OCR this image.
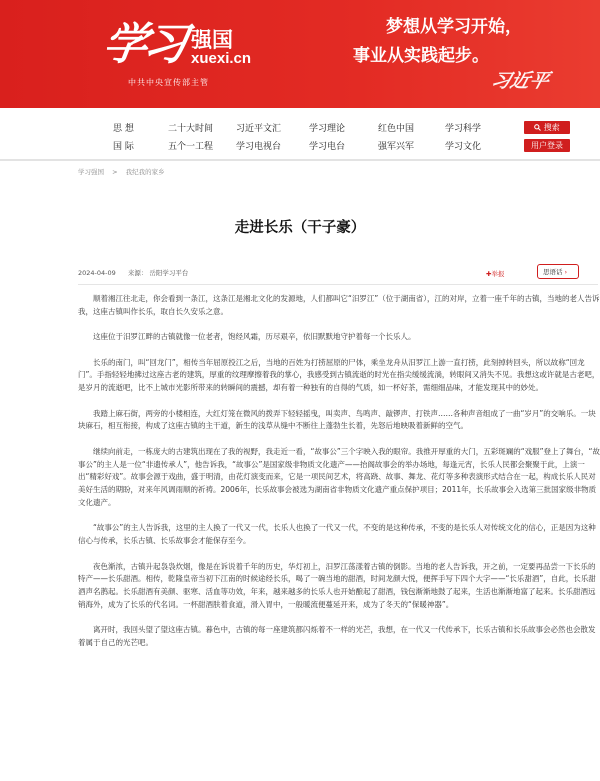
学习 强国
xuexi.cn
中共中央宣传部主管
梦想从学习开始，
事业从实践起步。
习近平
思 想	二十大时间	习近平文汇	学习理论	红色中国	学习科学
国 际	五个一工程	学习电视台	学习电台	强军兴军	学习文化
搜索
用户登录
学习强国 > 我纪我的家乡
走进长乐（干子豪）
2024-04-09 来源： 岳阳学习平台	✚举报	思语话 ›

顺着湘江往北走，你会看到一条江，这条江是湘北文化的发源地，人们都叫它“汨罗江”（位于湖南省），江的对岸，立着一座千年的古镇，当地的老人告诉我，这座古镇叫作长乐，取自长久安乐之意。

这座位于汨罗江畔的古镇就像一位老者，饱经风霜，历尽艰辛，依旧默默地守护着每一个长乐人。

长乐的南门，叫“回龙门”，相传当年屈原投江之后，当地的百姓为打捞屈原的尸体，乘坐龙舟从汨罗江上游一直打捞，此刻掉转回头，所以故称“回龙门”。手指轻轻地拂过这座古老的建筑，厚重的纹理摩擦着我的掌心，我感受到古镇流逝的时光在指尖缓缓流淌，转眼间又消失不见。我想这或许就是古老吧，是岁月的流逝吧，比不上城市光影所带来的转瞬间的震撼，却有着一种独有的自得的气质，如一杯好茶，需细细品味，才能发现其中的妙处。

我踏上麻石街，两旁的小楼相连，大红灯笼在微风的拨弄下轻轻摇曳，叫卖声、鸟鸣声、敲锣声、打铁声……各种声音组成了一曲“岁月”的交响乐。一块块麻石，相互衔接，构成了这座古镇的主干道，新生的浅草从缝中不断往上蓬勃生长着，先怒后地映吸着新鲜的空气。

继续向前走，一栋庞大的古建筑出现在了我的视野，我走近一看，“故事公”三个字映入我的眼帘。我推开厚重的大门，五彩斑斓的“戏服”登上了舞台，“故事公”的主人是一位“非遗传承人”，他告诉我，“故事公”是国家级非物质文化遗产——抬阁故事会的举办场地，每逢元宵，长乐人民都会聚聚于此，上演一出“精彩好戏”。故事会源于戏曲，盛于明清，由花灯演变而来，它是一项民间艺术，将高跷、故事、舞龙、花灯等多种表演形式结合在一起，构成长乐人民对美好生活的期盼，对来年风调雨顺的祈祷。2006年，长乐故事会被选为湖南省非物质文化遗产重点保护项目；2011年，长乐故事会入选第三批国家级非物质文化遗产。

“故事公”的主人告诉我，这里的主人换了一代又一代，长乐人也换了一代又一代，不变的是这种传承，不变的是长乐人对传统文化的信心，正是因为这种信心与传承，长乐古镇、长乐故事会才能保存至今。

夜色渐浓，古镇升起袅袅炊烟，像是在诉说着千年的历史，华灯初上，汨罗江荡漾着古镇的倒影。当地的老人告诉我，开之前，一定要再品尝一下长乐的特产——长乐甜酒。相传，乾隆皇帝当初下江南的时候途经长乐，喝了一碗当地的甜酒，时间龙颜大悦，便挥手写下四个大字——“长乐甜酒”，自此，长乐甜酒声名鹊起。长乐甜酒有美颜、驱寒、活血等功效，年来，越来越多的长乐人也开始酿起了甜酒，钱包渐渐地鼓了起来，生活也渐渐地富了起来。长乐甜酒远销海外，成为了长乐的代名词。一杯甜酒肤着食道，滑入胃中，一般暖流便蔓延开来，成为了冬天的“保暖神器”。

离开时，我回头望了望这座古镇。暮色中，古镇的每一座建筑都闪烁着不一样的光芒，我想，在一代又一代传承下，长乐古镇和长乐故事会必然也会散发着属于自己的光芒吧。
